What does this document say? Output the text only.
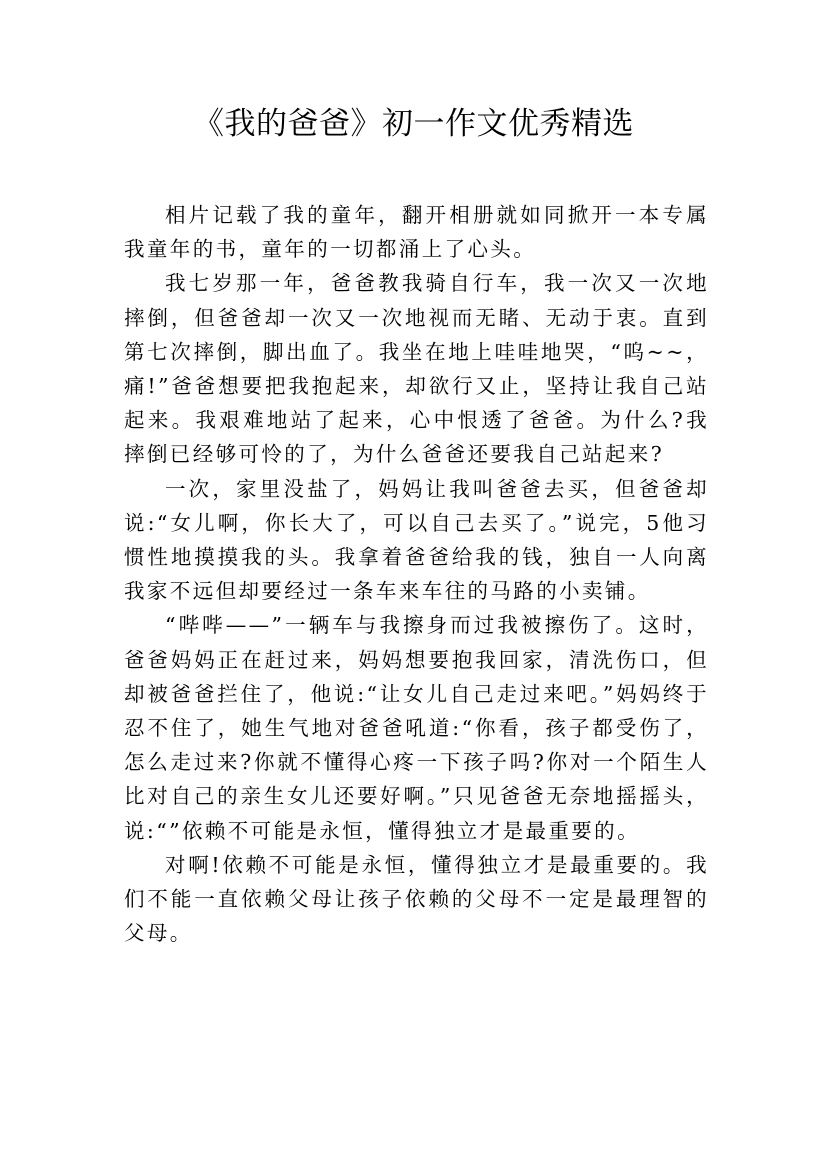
《我的爸爸》初一作文优秀精选

相片记载了我的童年，翻开相册就如同掀开一本专属我童年的书，童年的一切都涌上了心头。

我七岁那一年，爸爸教我骑自行车，我一次又一次地摔倒，但爸爸却一次又一次地视而无睹、无动于衷。直到第七次摔倒，脚出血了。我坐在地上哇哇地哭，“呜~~，痛!”爸爸想要把我抱起来，却欲行又止，坚持让我自己站起来。我艰难地站了起来，心中恨透了爸爸。为什么?我摔倒已经够可怜的了，为什么爸爸还要我自己站起来?

一次，家里没盐了，妈妈让我叫爸爸去买，但爸爸却说:“女儿啊，你长大了，可以自己去买了。”说完，5他习惯性地摸摸我的头。我拿着爸爸给我的钱，独自一人向离我家不远但却要经过一条车来车往的马路的小卖铺。

“哔哔——”一辆车与我擦身而过我被擦伤了。这时，爸爸妈妈正在赶过来，妈妈想要抱我回家，清洗伤口，但却被爸爸拦住了，他说:“让女儿自己走过来吧。”妈妈终于忍不住了，她生气地对爸爸吼道:“你看，孩子都受伤了，怎么走过来?你就不懂得心疼一下孩子吗?你对一个陌生人比对自己的亲生女儿还要好啊。”只见爸爸无奈地摇摇头，说:“”依赖不可能是永恒，懂得独立才是最重要的。

对啊!依赖不可能是永恒，懂得独立才是最重要的。我们不能一直依赖父母让孩子依赖的父母不一定是最理智的父母。
